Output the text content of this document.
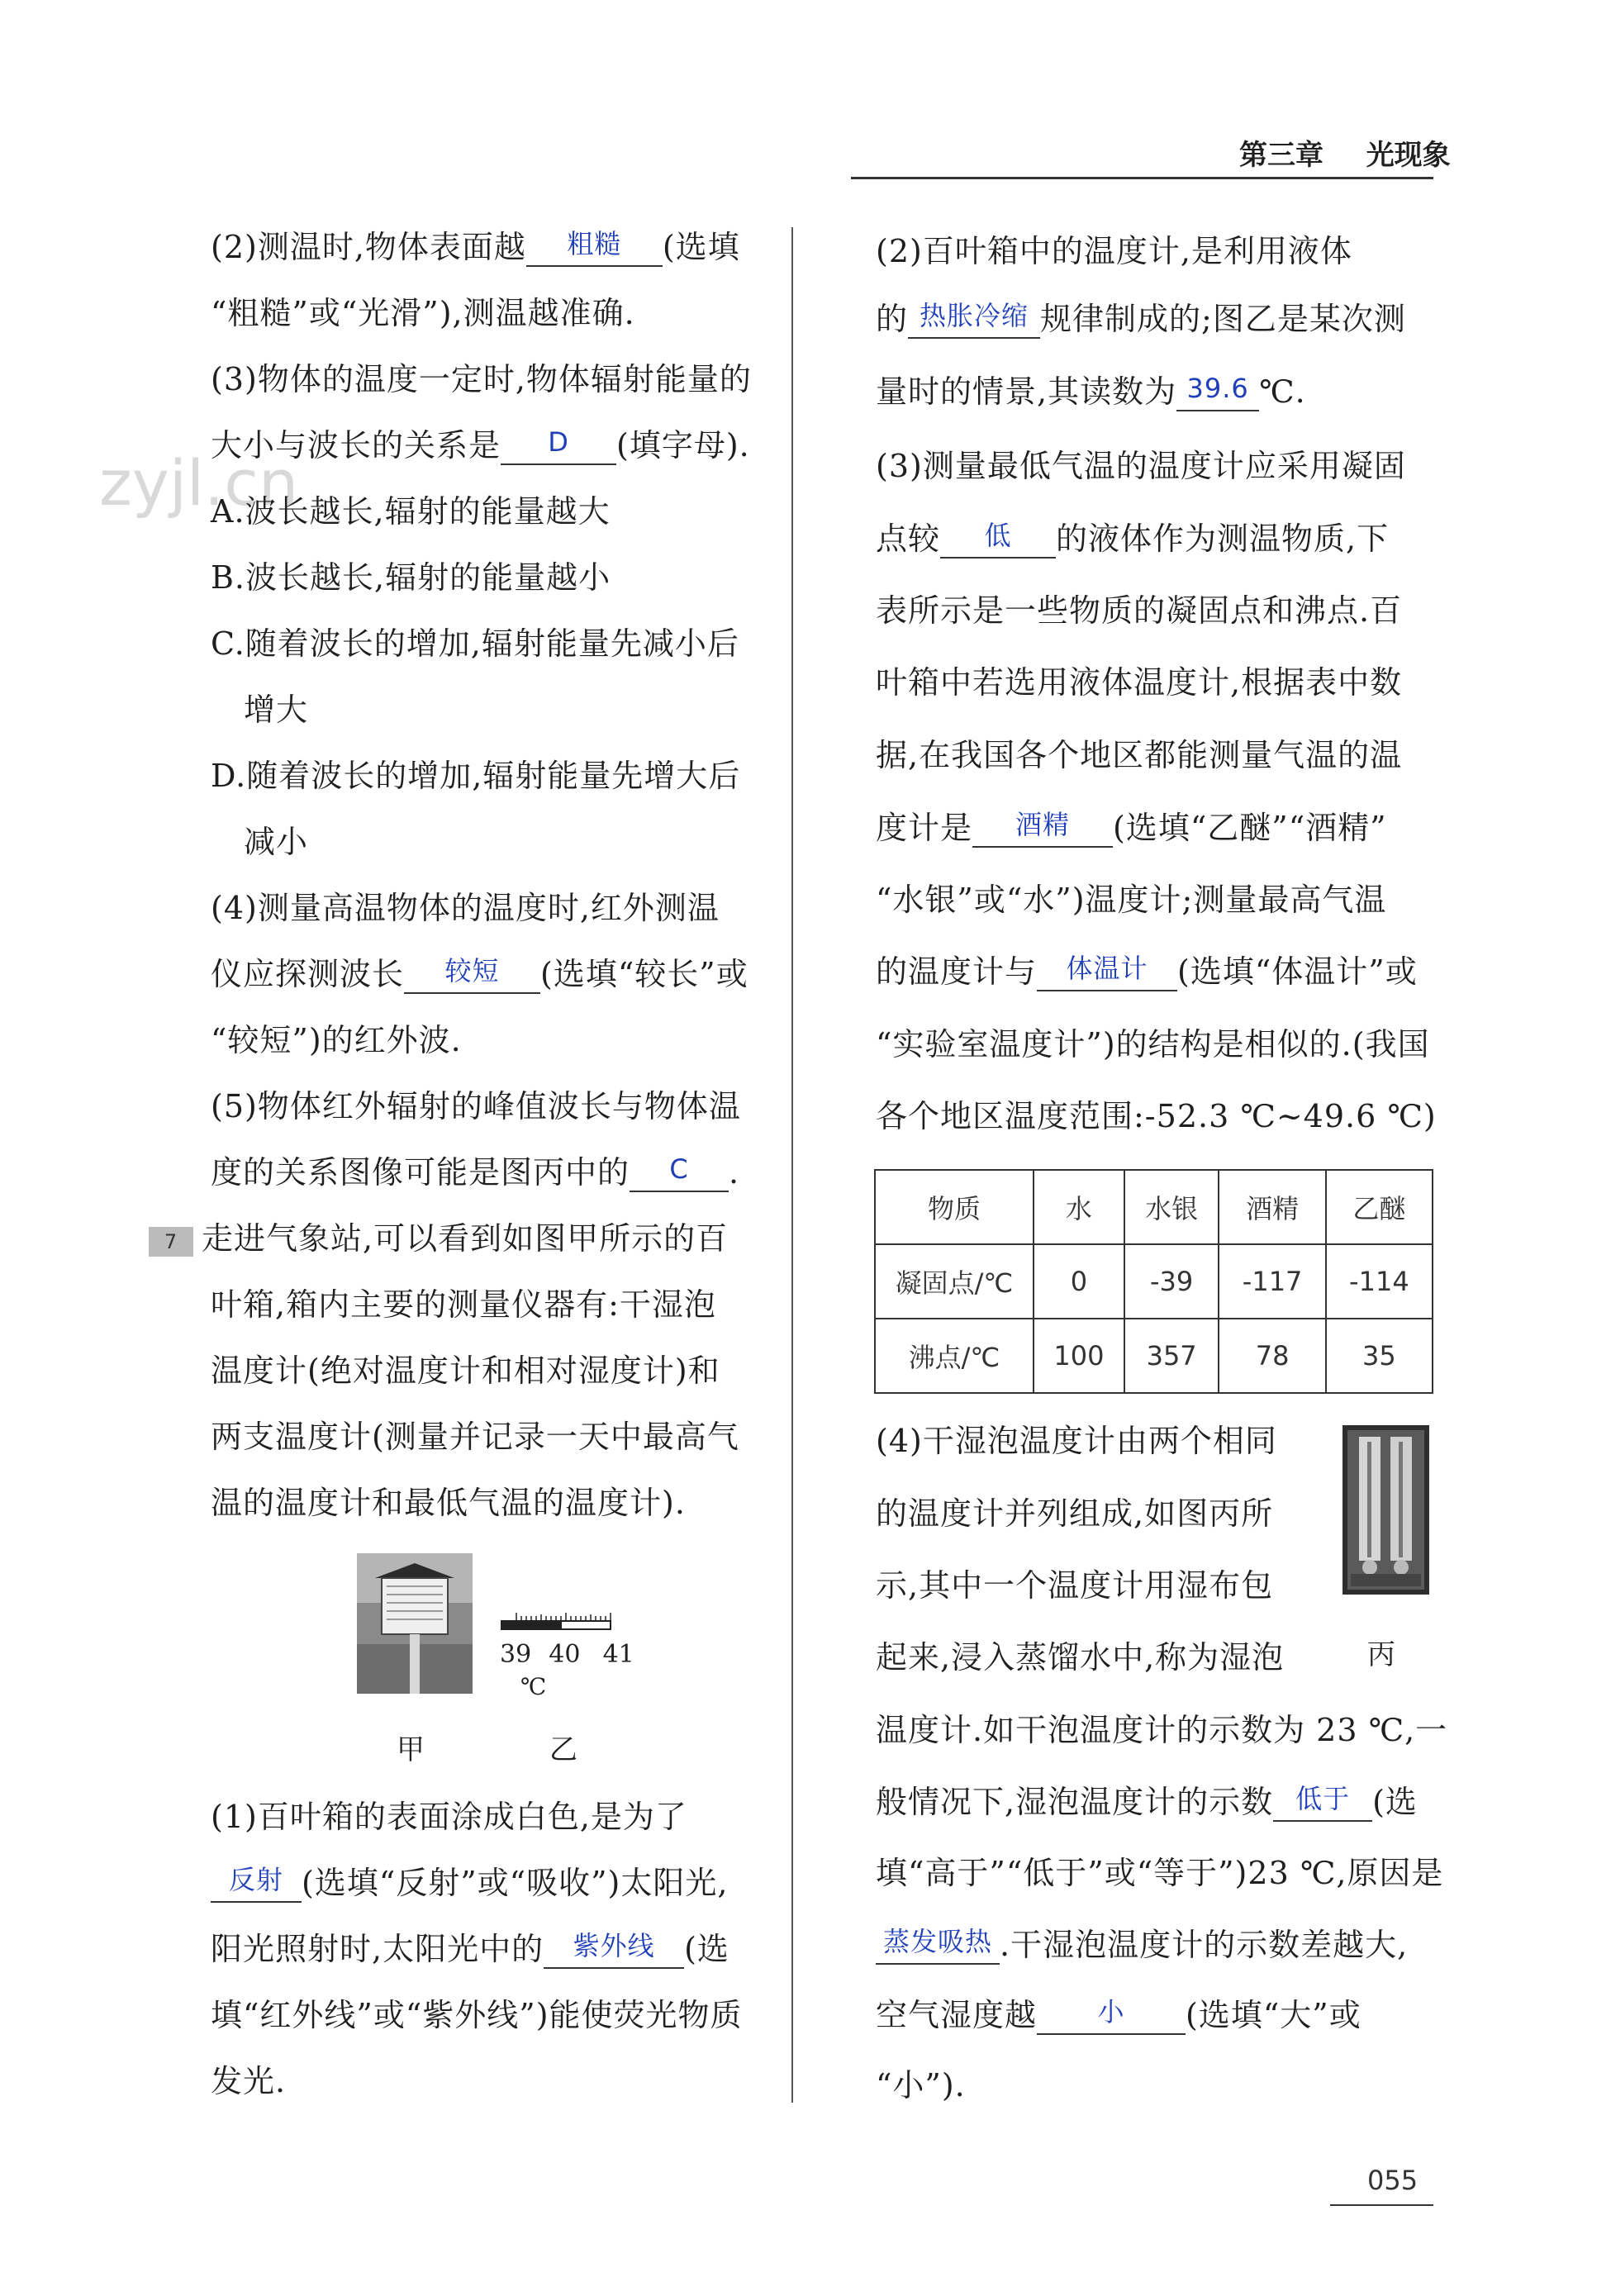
第三章 光现象
zyjl.cn
(2)测温时,物体表面越	粗糙	(选填
“粗糙”或“光滑”),测温越准确.
(3)物体的温度一定时,物体辐射能量的
大小与波长的关系是	D	(填字母).
A.波长越长,辐射的能量越大
B.波长越长,辐射的能量越小
C.随着波长的增加,辐射能量先减小后
增大
D.随着波长的增加,辐射能量先增大后
减小
(4)测量高温物体的温度时,红外测温
仪应探测波长	较短	(选填“较长”或
“较短”)的红外波.
(5)物体红外辐射的峰值波长与物体温
度的关系图像可能是图丙中的	C	.
7 走进气象站,可以看到如图甲所示的百
叶箱,箱内主要的测量仪器有:干湿泡
温度计(绝对温度计和相对湿度计)和
两支温度计(测量并记录一天中最高气
温的温度计和最低气温的温度计).
39 40 41
℃
甲	乙
(1)百叶箱的表面涂成白色,是为了
反射 (选填“反射”或“吸收”)太阳光,
阳光照射时,太阳光中的	紫外线 (选
填“红外线”或“紫外线”)能使荧光物质
发光.
(2)百叶箱中的温度计,是利用液体
的 热胀冷缩 规律制成的;图乙是某次测
量时的情景,其读数为 39.6 ℃.
(3)测量最低气温的温度计应采用凝固
点较	低	的液体作为测温物质,下
表所示是一些物质的凝固点和沸点.百
叶箱中若选用液体温度计,根据表中数
据,在我国各个地区都能测量气温的温
度计是	酒精	(选填“乙醚”“酒精”
“水银”或“水”)温度计;测量最高气温
的温度计与	体温计 (选填“体温计”或
“实验室温度计”)的结构是相似的.(我国
各个地区温度范围:-52.3 ℃~49.6 ℃)
物质	水	水银	酒精	乙醚
凝固点/℃	0	-39	-117	-114
沸点/℃	100	357	78	35
(4)干湿泡温度计由两个相同
的温度计并列组成,如图丙所
示,其中一个温度计用湿布包
起来,浸入蒸馏水中,称为湿泡	丙
温度计.如干泡温度计的示数为 23 ℃,一
般情况下,湿泡温度计的示数 低于 (选
填“高于”“低于”或“等于”)23 ℃,原因是
蒸发吸热 .干湿泡温度计的示数差越大,
空气湿度越	小	(选填“大”或
“小”).
055
